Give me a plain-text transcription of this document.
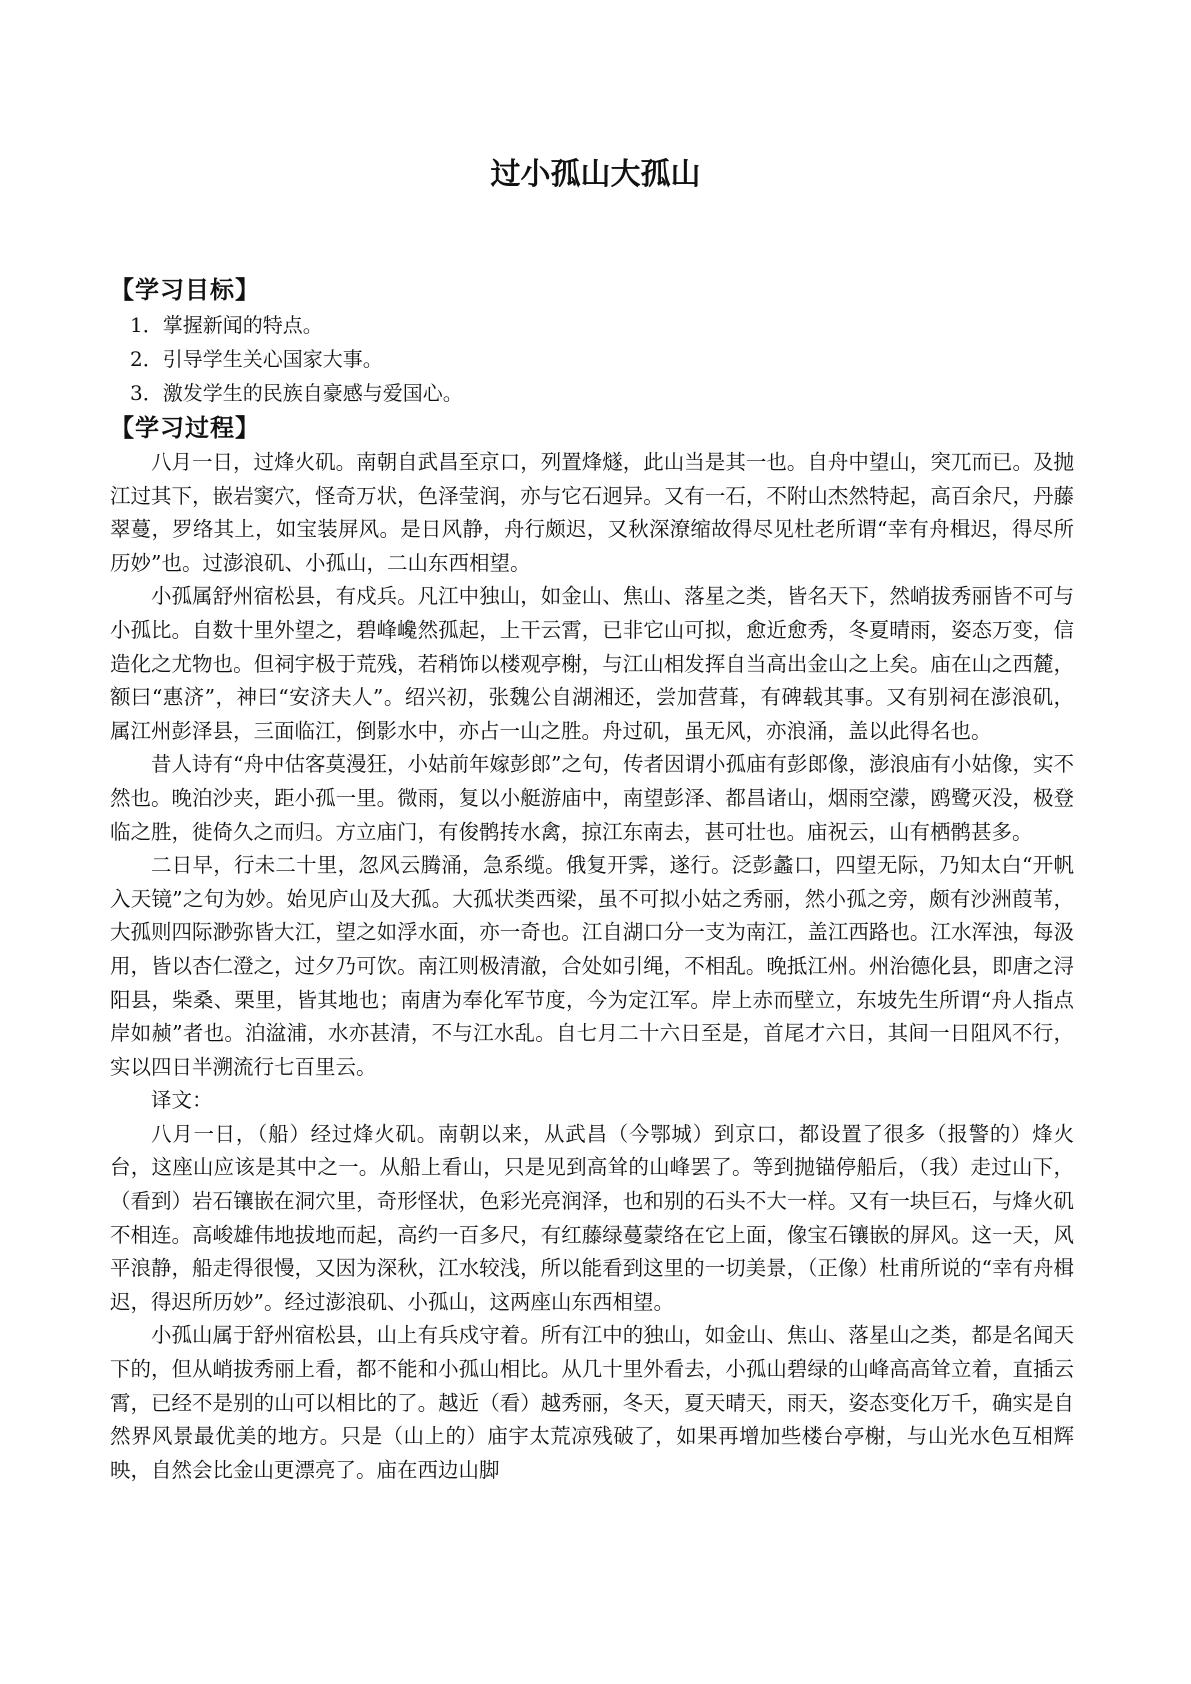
过小孤山大孤山
【学习目标】
1．掌握新闻的特点。
2．引导学生关心国家大事。
3．激发学生的民族自豪感与爱国心。
【学习过程】

八月一日，过烽火矶。南朝自武昌至京口，列置烽燧，此山当是其一也。自舟中望山，突兀而已。及抛江过其下，嵌岩窦穴，怪奇万状，色泽莹润，亦与它石迥异。又有一石，不附山杰然特起，高百余尺，丹藤翠蔓，罗络其上，如宝装屏风。是日风静，舟行颇迟，又秋深潦缩故得尽见杜老所谓“幸有舟楫迟，得尽所历妙”也。过澎浪矶、小孤山，二山东西相望。

小孤属舒州宿松县，有戍兵。凡江中独山，如金山、焦山、落星之类，皆名天下，然峭拔秀丽皆不可与小孤比。自数十里外望之，碧峰巉然孤起，上干云霄，已非它山可拟，愈近愈秀，冬夏晴雨，姿态万变，信造化之尤物也。但祠宇极于荒残，若稍饰以楼观亭榭，与江山相发挥自当高出金山之上矣。庙在山之西麓，额曰“惠济”，神曰“安济夫人”。绍兴初，张魏公自湖湘还，尝加营葺，有碑载其事。又有别祠在澎浪矶，属江州彭泽县，三面临江，倒影水中，亦占一山之胜。舟过矶，虽无风，亦浪涌，盖以此得名也。

昔人诗有“舟中估客莫漫狂，小姑前年嫁彭郎”之句，传者因谓小孤庙有彭郎像，澎浪庙有小姑像，实不然也。晚泊沙夹，距小孤一里。微雨，复以小艇游庙中，南望彭泽、都昌诸山，烟雨空濛，鸥鹭灭没，极登临之胜，徙倚久之而归。方立庙门，有俊鹘抟水禽，掠江东南去，甚可壮也。庙祝云，山有栖鹘甚多。

二日早，行未二十里，忽风云腾涌，急系缆。俄复开霁，遂行。泛彭蠡口，四望无际，乃知太白“开帆入天镜”之句为妙。始见庐山及大孤。大孤状类西梁，虽不可拟小姑之秀丽，然小孤之旁，颇有沙洲葭苇，大孤则四际渺弥皆大江，望之如浮水面，亦一奇也。江自湖口分一支为南江，盖江西路也。江水浑浊，每汲用，皆以杏仁澄之，过夕乃可饮。南江则极清澈，合处如引绳，不相乱。晚抵江州。州治德化县，即唐之浔阳县，柴桑、栗里，皆其地也；南唐为奉化军节度，今为定江军。岸上赤而壁立，东坡先生所谓“舟人指点岸如赪”者也。泊湓浦，水亦甚清，不与江水乱。自七月二十六日至是，首尾才六日，其间一日阻风不行，实以四日半溯流行七百里云。

译文：

八月一日，（船）经过烽火矶。南朝以来，从武昌（今鄂城）到京口，都设置了很多（报警的）烽火台，这座山应该是其中之一。从船上看山，只是见到高耸的山峰罢了。等到抛锚停船后，（我）走过山下，（看到）岩石镶嵌在洞穴里，奇形怪状，色彩光亮润泽，也和别的石头不大一样。又有一块巨石，与烽火矶不相连。高峻雄伟地拔地而起，高约一百多尺，有红藤绿蔓蒙络在它上面，像宝石镶嵌的屏风。这一天，风平浪静，船走得很慢，又因为深秋，江水较浅，所以能看到这里的一切美景，（正像）杜甫所说的“幸有舟楫迟，得迟所历妙”。经过澎浪矶、小孤山，这两座山东西相望。

小孤山属于舒州宿松县，山上有兵戍守着。所有江中的独山，如金山、焦山、落星山之类，都是名闻天下的，但从峭拔秀丽上看，都不能和小孤山相比。从几十里外看去，小孤山碧绿的山峰高高耸立着，直插云霄，已经不是别的山可以相比的了。越近（看）越秀丽，冬天，夏天晴天，雨天，姿态变化万千，确实是自然界风景最优美的地方。只是（山上的）庙宇太荒凉残破了，如果再增加些楼台亭榭，与山光水色互相辉映，自然会比金山更漂亮了。庙在西边山脚
